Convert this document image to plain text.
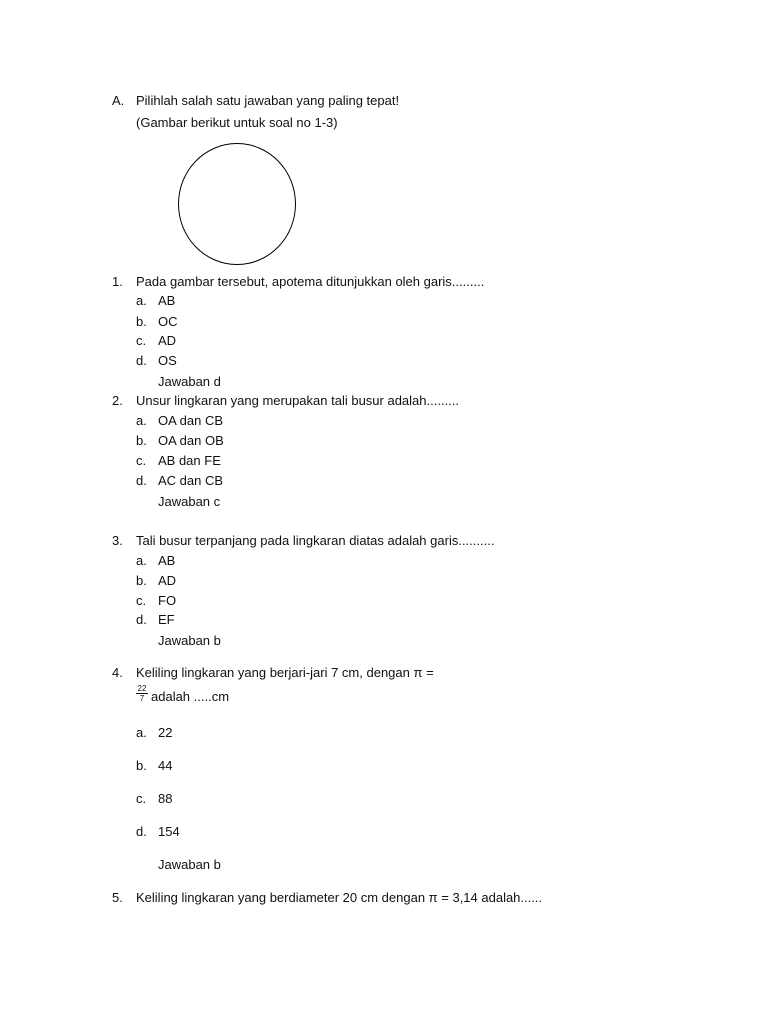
A. Pilihlah salah satu jawaban yang paling tepat!
(Gambar berikut untuk soal no 1-3)
1. Pada gambar tersebut, apotema ditunjukkan oleh garis.........
a. AB
b. OC
c. AD
d. OS
Jawaban d
2. Unsur lingkaran yang merupakan tali busur adalah.........
a. OA dan CB
b. OA dan OB
c. AB dan FE
d. AC dan CB
Jawaban c
3. Tali busur terpanjang pada lingkaran diatas adalah garis..........
a. AB
b. AD
c. FO
d. EF
Jawaban b
4. Keliling lingkaran yang berjari-jari 7 cm, dengan π =
$\frac{22}{7}$ adalah .....cm
a. 22
b. 44
c. 88
d. 154
Jawaban b
5. Keliling lingkaran yang berdiameter 20 cm dengan π = 3,14 adalah......
